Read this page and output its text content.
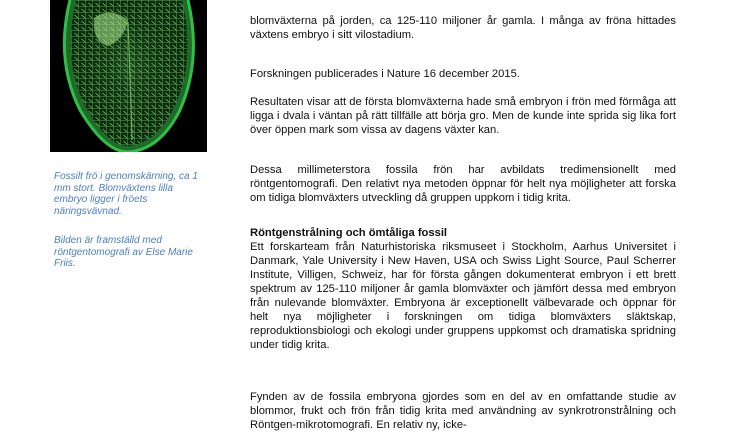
Fossilt frö i genomskärning, ca 1 mm stort. Blomväxtens lilla embryo ligger i fröets näringsvävnad.
Bilden är framställd med röntgentomografi av Else Marie Friis.

blomväxterna på jorden, ca 125-110 miljoner år gamla. I många av fröna hittades växtens embryo i sitt vilostadium.

Forskningen publicerades i Nature 16 december 2015.

Resultaten visar att de första blomväxterna hade små embryon i frön med förmåga att ligga i dvala i väntan på rätt tillfälle att börja gro. Men de kunde inte sprida sig lika fort över öppen mark som vissa av dagens växter kan.

Dessa millimeterstora fossila frön har avbildats tredimensionellt med röntgentomografi. Den relativt nya metoden öppnar för helt nya möjligheter att forska om tidiga blomväxters utveckling då gruppen uppkom i tidig krita.

Röntgenstrålning och ömtåliga fossil

Ett forskarteam från Naturhistoriska riksmuseet i Stockholm, Aarhus Universitet i Danmark, Yale University i New Haven, USA och Swiss Light Source, Paul Scherrer Institute, Villigen, Schweiz, har för första gången dokumenterat embryon i ett brett spektrum av 125-110 miljoner år gamla blomväxter och jämfört dessa med embryon från nulevande blomväxter. Embryona är exceptionellt välbevarade och öppnar för helt nya möjligheter i forskningen om tidiga blomväxters släktskap, reproduktionsbiologi och ekologi under gruppens uppkomst och dramatiska spridning under tidig krita.

Fynden av de fossila embryona gjordes som en del av en omfattande studie av blommor, frukt och frön från tidig krita med användning av synkrotronstrålning och Röntgen-mikrotomografi. En relativ ny, icke-
